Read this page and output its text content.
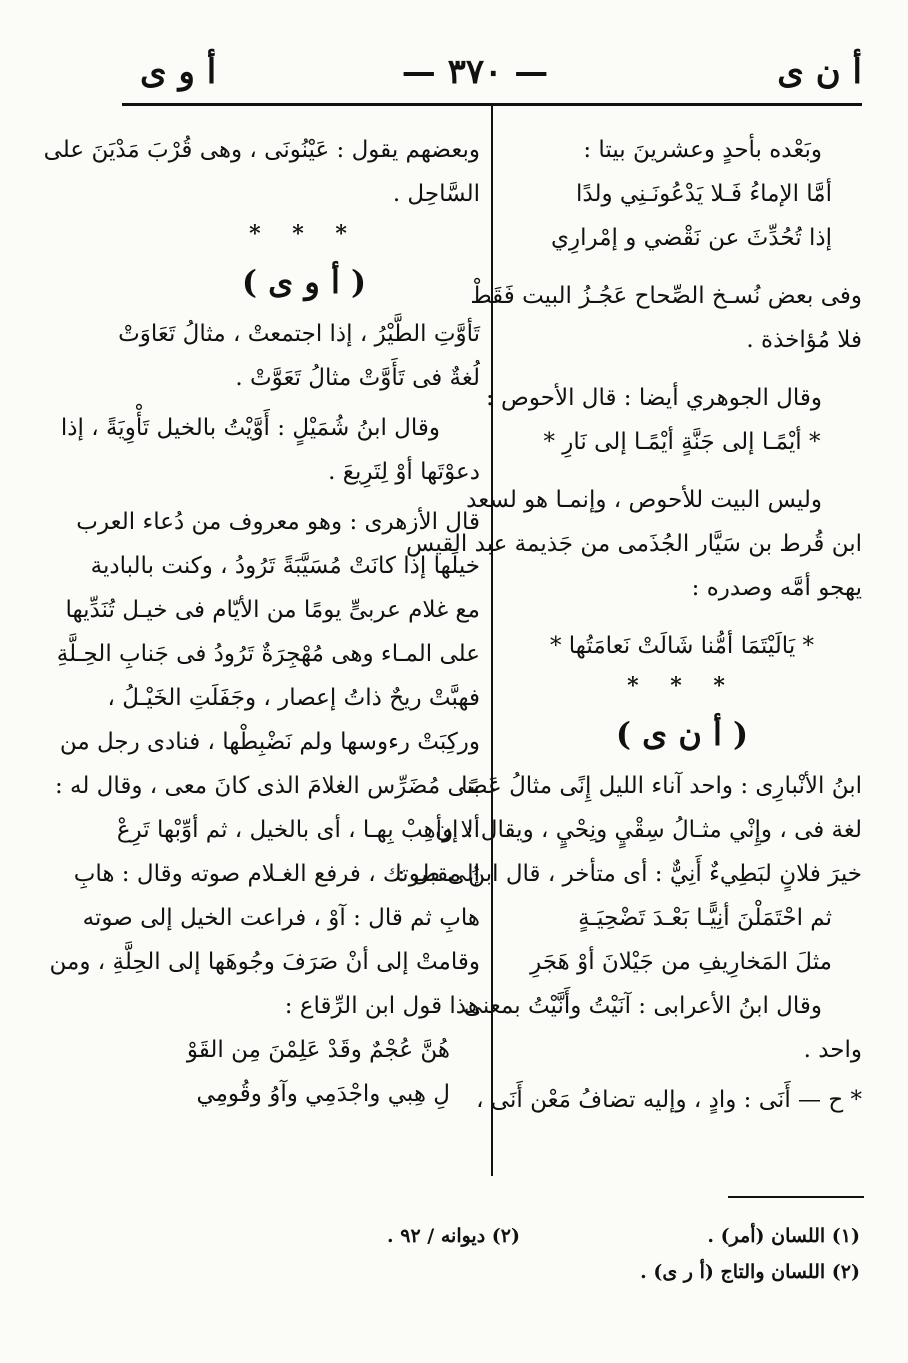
أ ن ى
— ٣٧٠ —
أ و ى
وبَعْده بأحدٍ وعشرينَ بيتا :
أمَّا الإماءُ فَـلا يَدْعُونَـنِي ولدًا
إذا تُحُدِّثَ عن نَقْضي و إمْرارِي
وفى بعض نُسـخ الصِّحاح عَجُـزُ البيت فَقَطْ
فلا مُؤاخذة .
وقال الجوهري أيضا : قال الأحوص :
* أيْمًـا إلى جَنَّةٍ أيْمًـا إلى نَارِ *
وليس البيت للأحوص ، وإنمـا هو لسعد
ابن قُرط بن سَيَّار الجُذَمى من جَذيمة عبد القيس
يهجو أمَّه وصدره :
* يَالَيْتَمَا أمُّنا شَالَتْ نَعامَتُها *
* * *
( أ ن ى )
ابنُ الأنْبارِى : واحد آناء الليل إِنًى مثالُ عَصًا
لغة فى ، وإِنْي مثـالُ سِقْيٍ ونِحْيٍ ، ويقال : إن
خيرَ فلانٍ لبَطِيءٌ أَنِيٌّ : أى متأخر ، قال ابنُ مقبل :
ثم احْتَمَلْنَ أنِيًّـا بَعْـدَ تَضْحِيَـةٍ
مثلَ المَخارِيفِ من جَيْلانَ أوْ هَجَرِ
وقال ابنُ الأعرابى : آنَيْتُ وأَنَّيْتُ بمعنى
واحد .
* ح — أَنَى : وادٍ ، وإليه تضافُ مَعْن أَنَى ،
وبعضهم يقول : عَيْنُونَى ، وهى قُرْبَ مَدْيَنَ على
السَّاحِل .
* * *
( أ و ى )
تَأوَّتِ الطَّيْرُ ، إذا اجتمعتْ ، مثالُ تَعَاوَتْ
لُغةٌ فى تَأَوَّتْ مثالُ تَعَوَّتْ .
وقال ابنُ شُمَيْلٍ : أَوَّيْتُ بالخيل تَأْوِيَةً ، إذا
دعوْتَها أوْ لِتَرِيعَ .
قال الأزهرى : وهو معروف من دُعاء العرب
خيلَها إذا كانَتْ مُسَيَّبَةً تَرُودُ ، وكنت بالبادية
مع غلام عربىٍّ يومًا من الأيّام فى خيـل تُنَدِّيها
على المـاء وهى مُهْجِرَةٌ تَرُودُ فى جَنابِ الحِـلَّةِ
فهبَّتْ ريحٌ ذاتُ إعصار ، وجَفَلَتِ الخَيْـلُ ،
وركِبَتْ رءوسها ولم نَضْبِطْها ، فنادى رجل من
بنى مُضَرِّس الغلامَ الذى كانَ معى ، وقال له :
ألا وأهِبْ بِهـا ، أى بالخيل ، ثم أوِّبْها تَرِعْ
إلى صوتك ، فرفع الغـلام صوته وقال : هابِ
هابِ ثم قال : آوْ ، فراعت الخيل إلى صوته
وقامتْ إلى أنْ صَرَفَ وجُوهَها إلى الحِلَّةِ ، ومن
هذا قول ابن الرِّقاع :
هُنَّ عُجْمٌ وقَدْ عَلِمْنَ مِن القَوْ
لِ هِبي واجْدَمِي وآوُ وقُومِي
(١) اللسان (أمر) .
(٢) اللسان والتاج (أ ر ى) .
(٢) ديوانه / ٩٢ .
